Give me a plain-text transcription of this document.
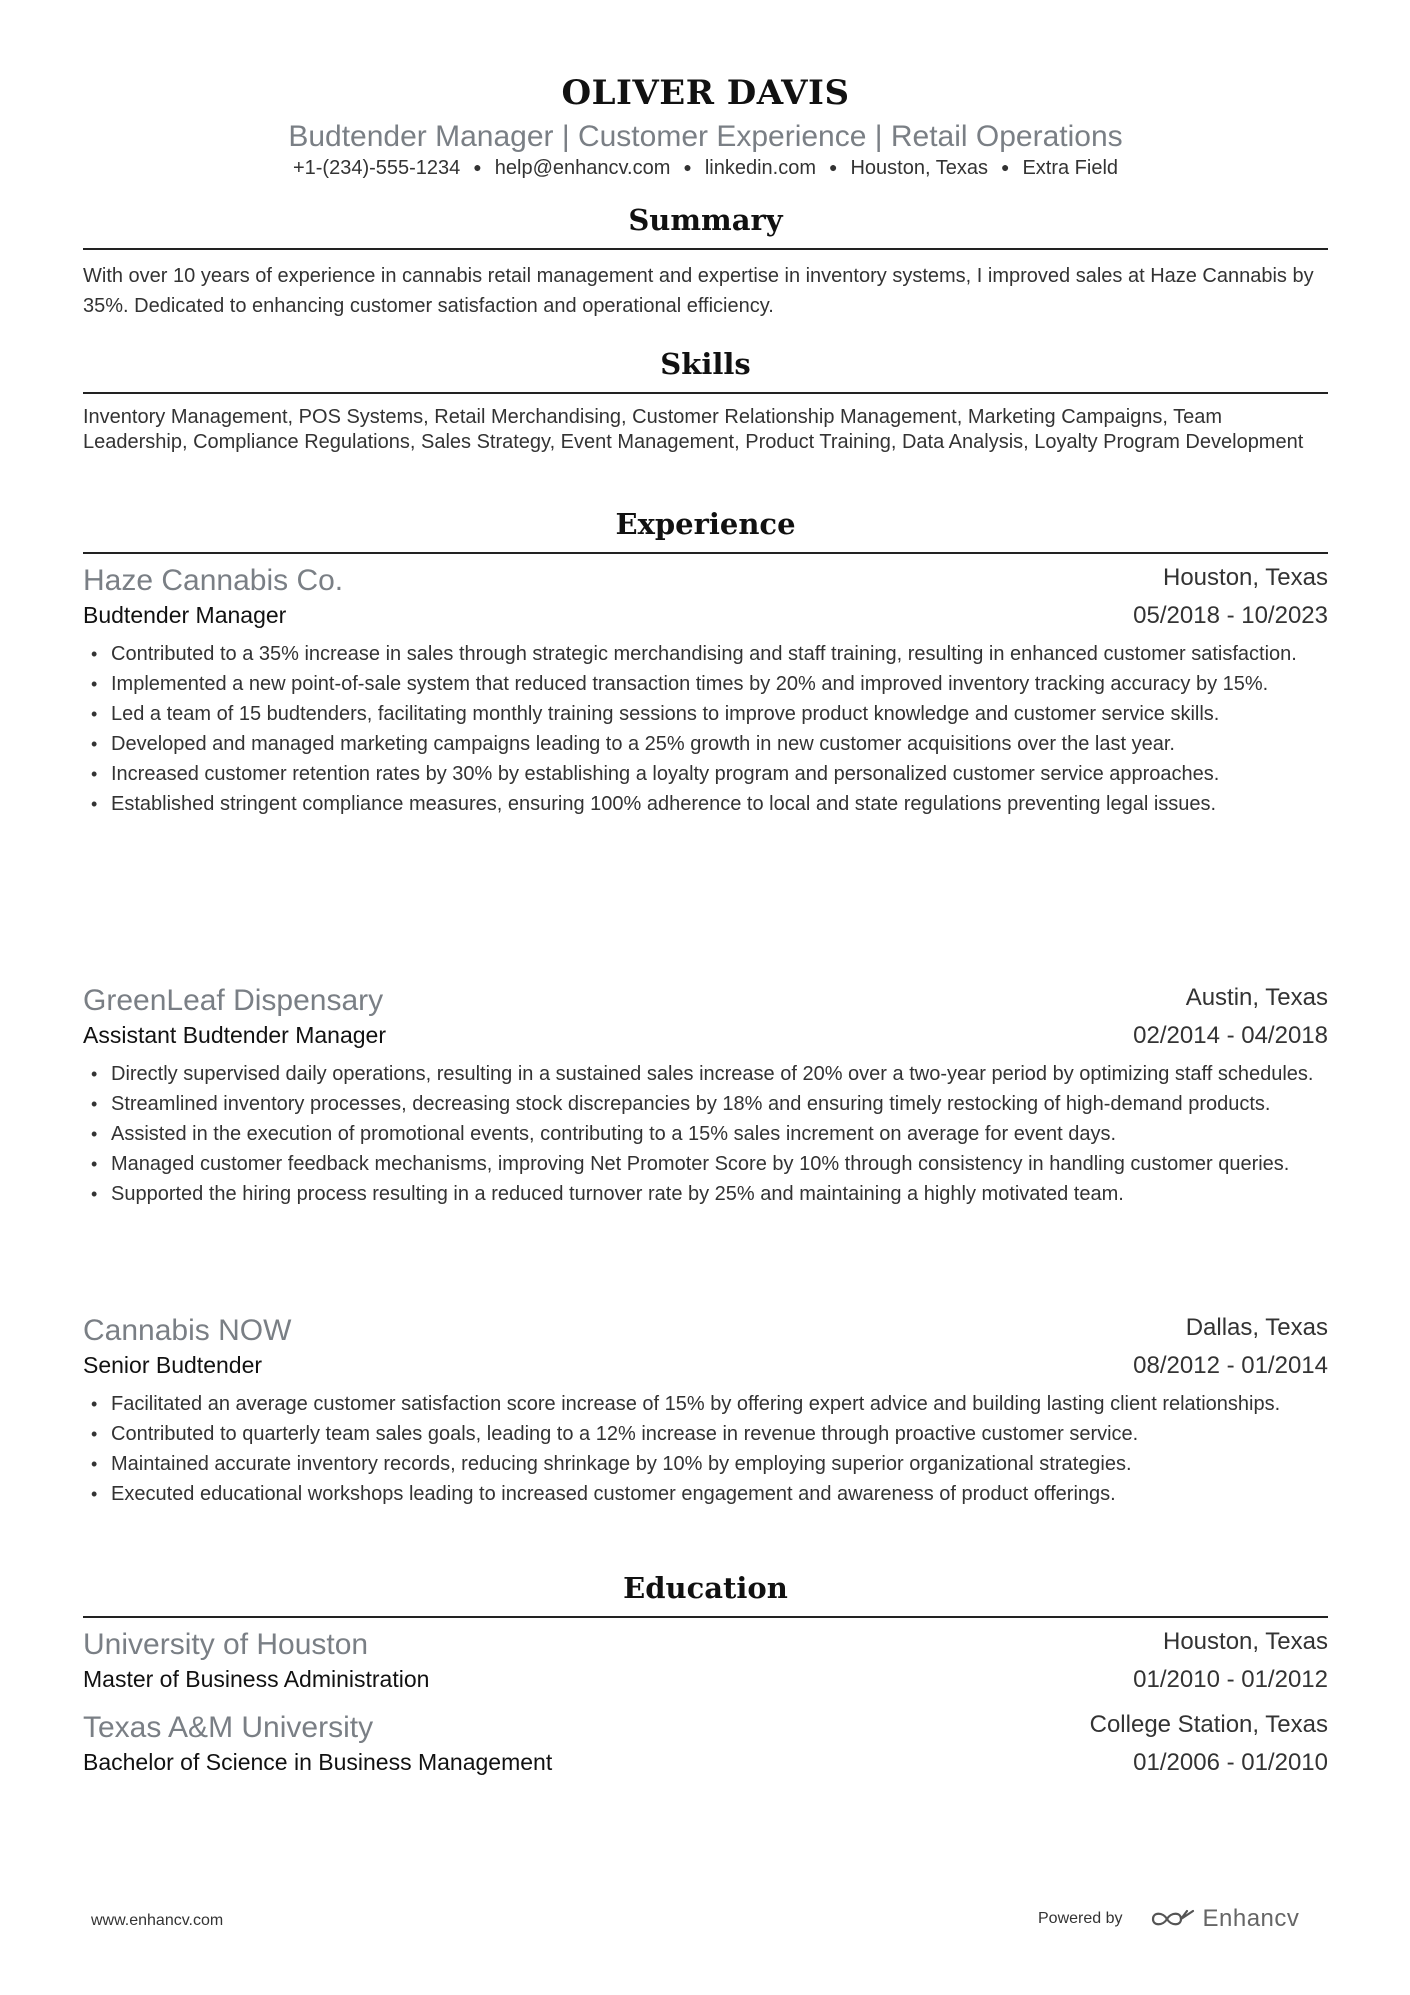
OLIVER DAVIS
Budtender Manager | Customer Experience | Retail Operations
+1-(234)-555-1234 ● help@enhancv.com ● linkedin.com ● Houston, Texas ● Extra Field
Summary
With over 10 years of experience in cannabis retail management and expertise in inventory systems, I improved sales at Haze Cannabis by 35%. Dedicated to enhancing customer satisfaction and operational efficiency.
Skills
Inventory Management, POS Systems, Retail Merchandising, Customer Relationship Management, Marketing Campaigns, Team Leadership, Compliance Regulations, Sales Strategy, Event Management, Product Training, Data Analysis, Loyalty Program Development
Experience
Haze Cannabis Co.	Houston, Texas
Budtender Manager	05/2018 - 10/2023
• Contributed to a 35% increase in sales through strategic merchandising and staff training, resulting in enhanced customer satisfaction.
• Implemented a new point-of-sale system that reduced transaction times by 20% and improved inventory tracking accuracy by 15%.
• Led a team of 15 budtenders, facilitating monthly training sessions to improve product knowledge and customer service skills.
• Developed and managed marketing campaigns leading to a 25% growth in new customer acquisitions over the last year.
• Increased customer retention rates by 30% by establishing a loyalty program and personalized customer service approaches.
• Established stringent compliance measures, ensuring 100% adherence to local and state regulations preventing legal issues.
GreenLeaf Dispensary	Austin, Texas
Assistant Budtender Manager	02/2014 - 04/2018
• Directly supervised daily operations, resulting in a sustained sales increase of 20% over a two-year period by optimizing staff schedules.
• Streamlined inventory processes, decreasing stock discrepancies by 18% and ensuring timely restocking of high-demand products.
• Assisted in the execution of promotional events, contributing to a 15% sales increment on average for event days.
• Managed customer feedback mechanisms, improving Net Promoter Score by 10% through consistency in handling customer queries.
• Supported the hiring process resulting in a reduced turnover rate by 25% and maintaining a highly motivated team.
Cannabis NOW	Dallas, Texas
Senior Budtender	08/2012 - 01/2014
• Facilitated an average customer satisfaction score increase of 15% by offering expert advice and building lasting client relationships.
• Contributed to quarterly team sales goals, leading to a 12% increase in revenue through proactive customer service.
• Maintained accurate inventory records, reducing shrinkage by 10% by employing superior organizational strategies.
• Executed educational workshops leading to increased customer engagement and awareness of product offerings.
Education
University of Houston	Houston, Texas
Master of Business Administration	01/2010 - 01/2012
Texas A&M University	College Station, Texas
Bachelor of Science in Business Management	01/2006 - 01/2010
www.enhancv.com	Powered by	Enhancv
